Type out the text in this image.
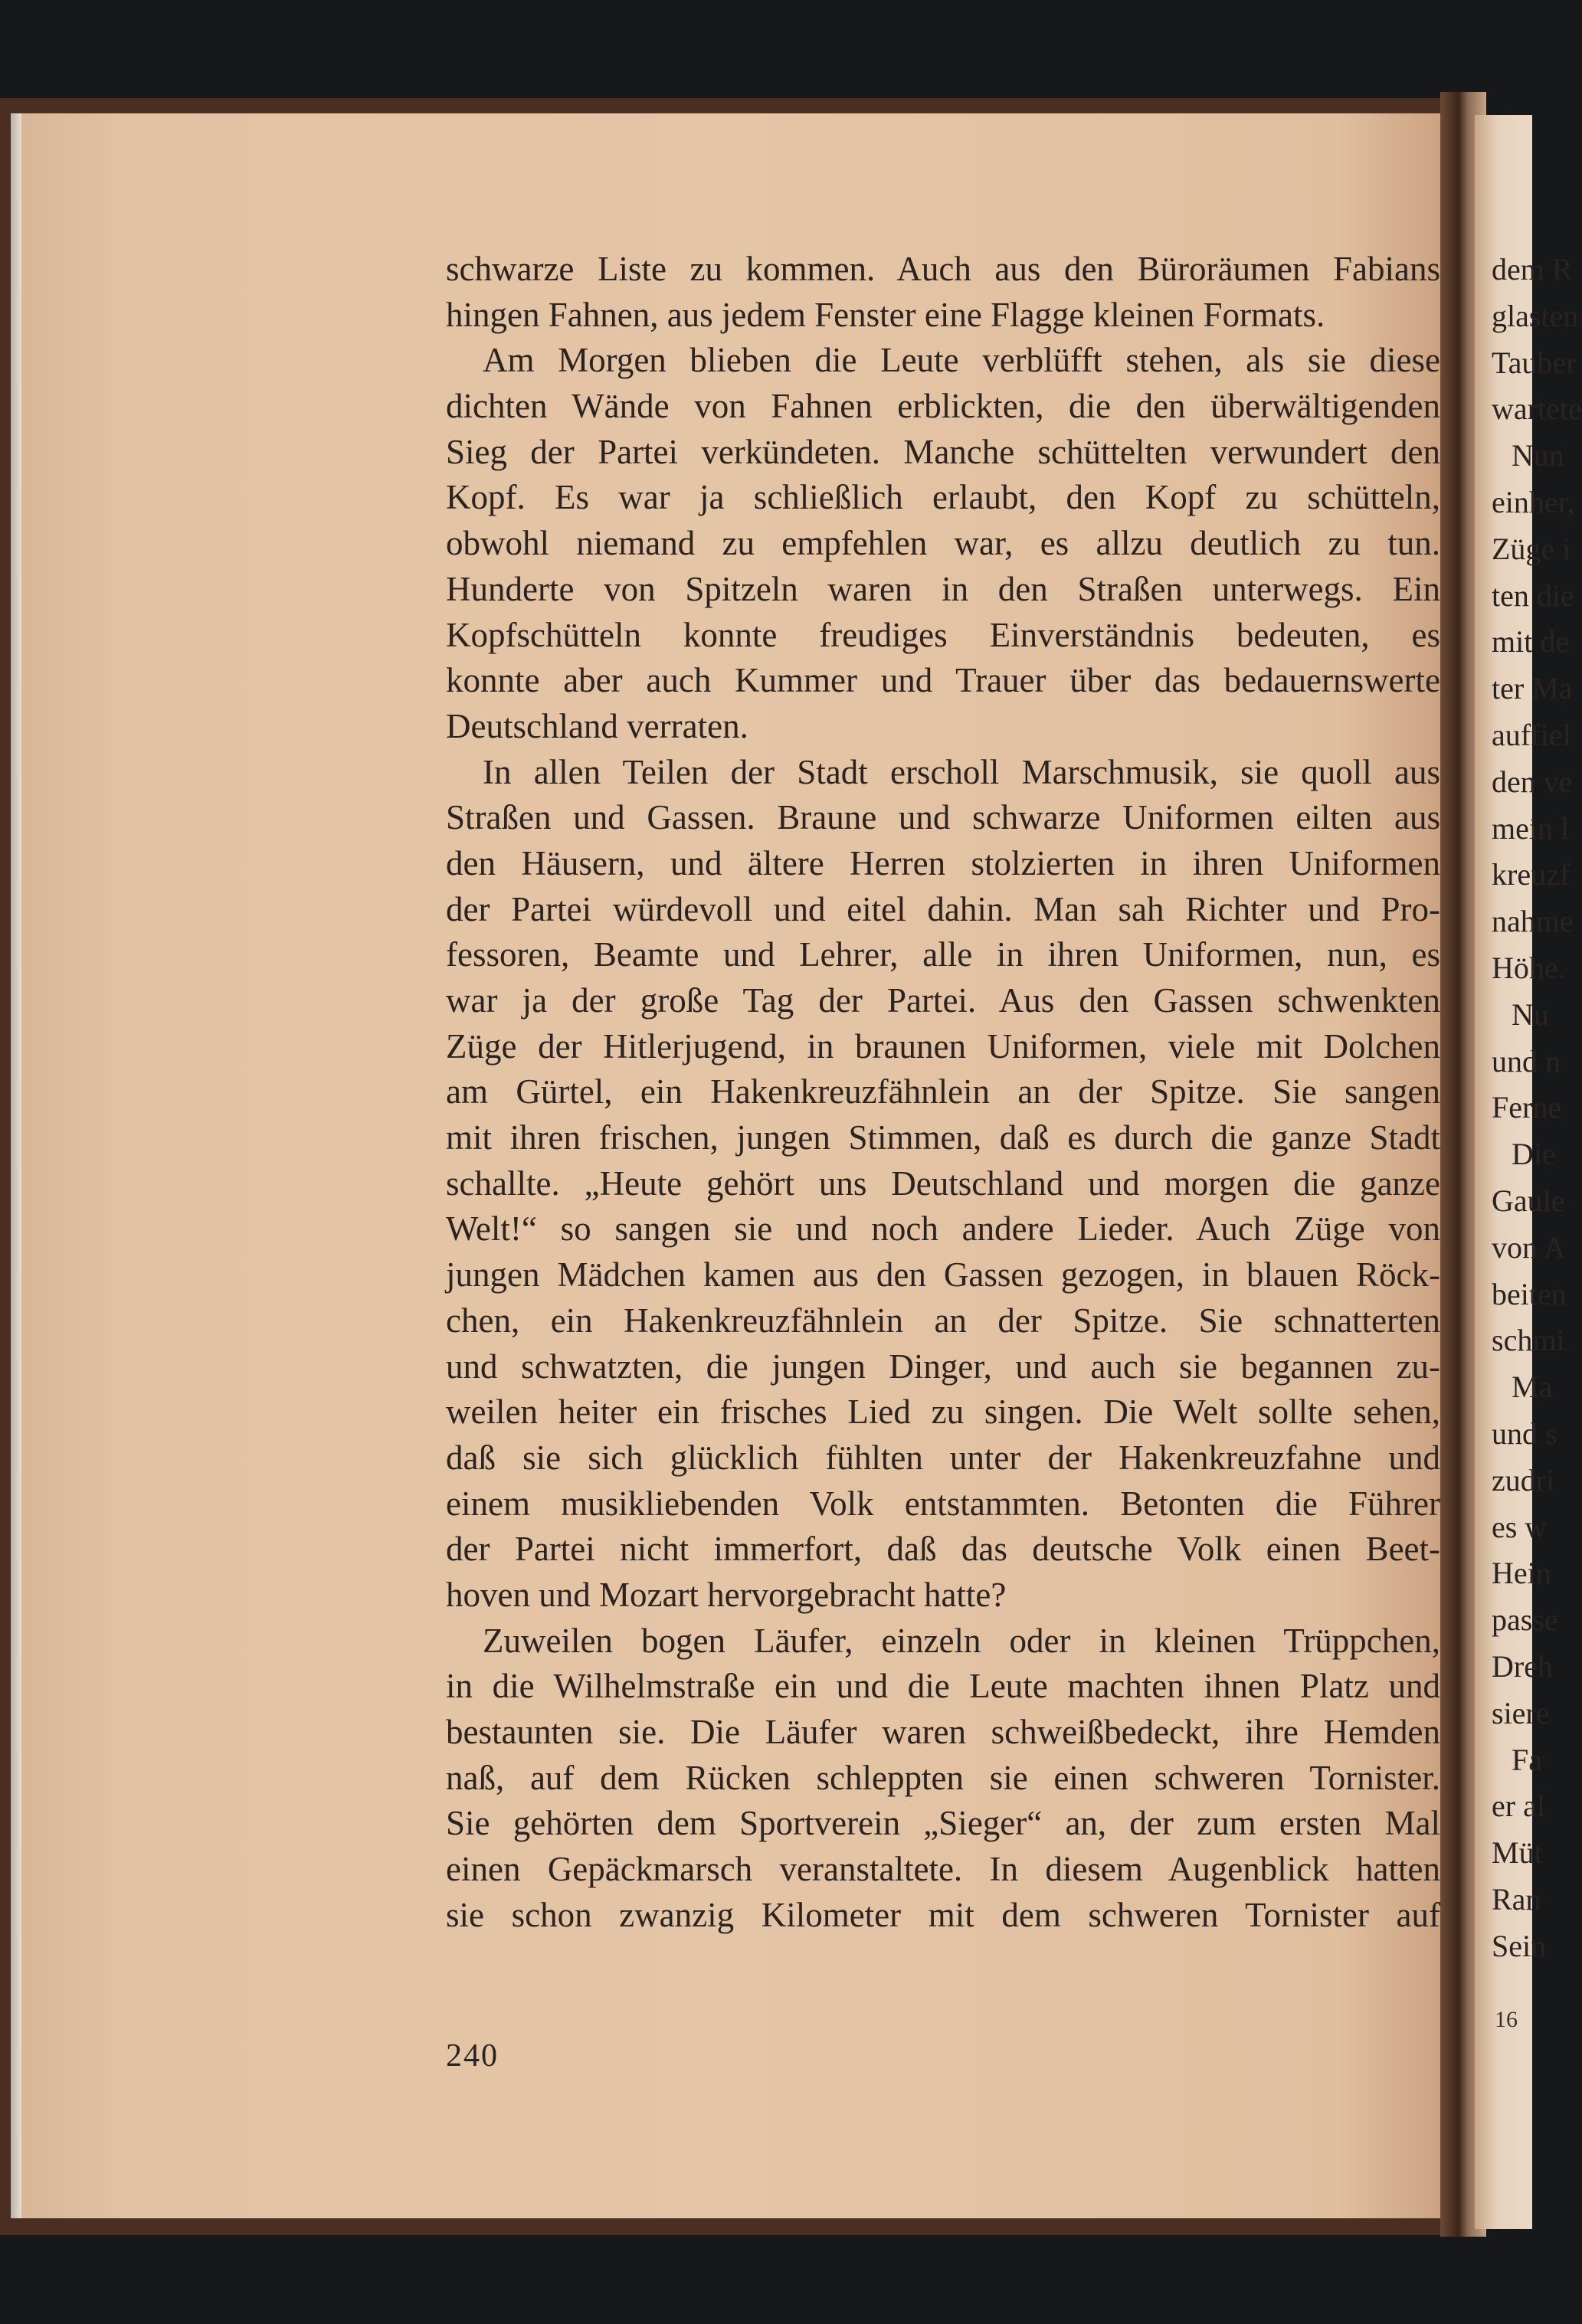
schwarze Liste zu kommen. Auch aus den Büroräumen Fabians
hingen Fahnen, aus jedem Fenster eine Flagge kleinen Formats.
Am Morgen blieben die Leute verblüfft stehen, als sie diese
dichten Wände von Fahnen erblickten, die den überwältigenden
Sieg der Partei verkündeten. Manche schüttelten verwundert den
Kopf. Es war ja schließlich erlaubt, den Kopf zu schütteln,
obwohl niemand zu empfehlen war, es allzu deutlich zu tun.
Hunderte von Spitzeln waren in den Straßen unterwegs. Ein
Kopfschütteln konnte freudiges Einverständnis bedeuten, es
konnte aber auch Kummer und Trauer über das bedauernswerte
Deutschland verraten.
In allen Teilen der Stadt erscholl Marschmusik, sie quoll aus
Straßen und Gassen. Braune und schwarze Uniformen eilten aus
den Häusern, und ältere Herren stolzierten in ihren Uniformen
der Partei würdevoll und eitel dahin. Man sah Richter und Pro-
fessoren, Beamte und Lehrer, alle in ihren Uniformen, nun, es
war ja der große Tag der Partei. Aus den Gassen schwenkten
Züge der Hitlerjugend, in braunen Uniformen, viele mit Dolchen
am Gürtel, ein Hakenkreuzfähnlein an der Spitze. Sie sangen
mit ihren frischen, jungen Stimmen, daß es durch die ganze Stadt
schallte. „Heute gehört uns Deutschland und morgen die ganze
Welt!“ so sangen sie und noch andere Lieder. Auch Züge von
jungen Mädchen kamen aus den Gassen gezogen, in blauen Röck-
chen, ein Hakenkreuzfähnlein an der Spitze. Sie schnatterten
und schwatzten, die jungen Dinger, und auch sie begannen zu-
weilen heiter ein frisches Lied zu singen. Die Welt sollte sehen,
daß sie sich glücklich fühlten unter der Hakenkreuzfahne und
einem musikliebenden Volk entstammten. Betonten die Führer
der Partei nicht immerfort, daß das deutsche Volk einen Beet-
hoven und Mozart hervorgebracht hatte?
Zuweilen bogen Läufer, einzeln oder in kleinen Trüppchen,
in die Wilhelmstraße ein und die Leute machten ihnen Platz und
bestaunten sie. Die Läufer waren schweißbedeckt, ihre Hemden
naß, auf dem Rücken schleppten sie einen schweren Tornister.
Sie gehörten dem Sportverein „Sieger“ an, der zum ersten Mal
einen Gepäckmarsch veranstaltete. In diesem Augenblick hatten
sie schon zwanzig Kilometer mit dem schweren Tornister auf
240
dem R
glasten
Tauber
wartete
Nun
einher,
Züge i
ten die
mit de
ter Ma
auffiel
den ve
mein l
kreuzf
nahme
Höhe.
Nu
und n
Ferne
Die
Gaule
von A
beiten
schmi
Ma
und s
zudri
es w
Hein
passe
Dreh
siere
Fa
er al
Müt
Ran
Sein
16
